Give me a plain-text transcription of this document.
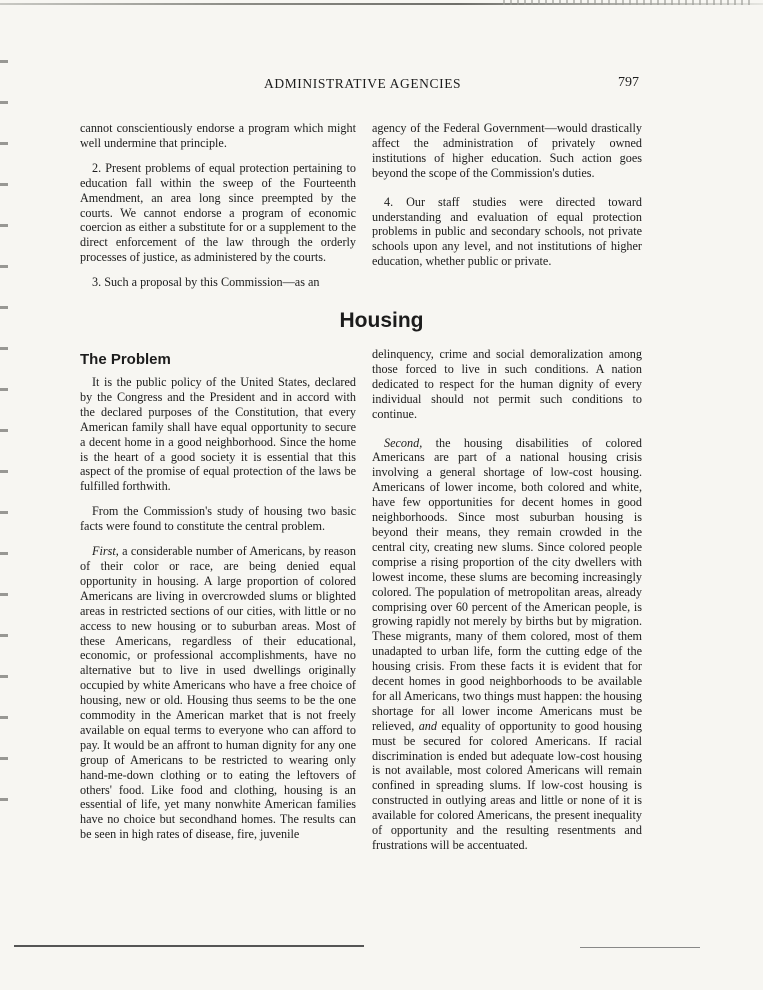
ADMINISTRATIVE AGENCIES	797

cannot conscientiously endorse a program which might well undermine that principle.

2. Present problems of equal protection pertaining to education fall within the sweep of the Fourteenth Amendment, an area long since preempted by the courts. We cannot endorse a program of economic coercion as either a substitute for or a supplement to the direct enforcement of the law through the orderly processes of justice, as administered by the courts.

3. Such a proposal by this Commission—as an

agency of the Federal Government—would drastically affect the administration of privately owned institutions of higher education. Such action goes beyond the scope of the Commission's duties.

4. Our staff studies were directed toward understanding and evaluation of equal protection problems in public and secondary schools, not private schools upon any level, and not institutions of higher education, whether public or private.

Housing
The Problem

It is the public policy of the United States, declared by the Congress and the President and in accord with the declared purposes of the Constitution, that every American family shall have equal opportunity to secure a decent home in a good neighborhood. Since the home is the heart of a good society it is essential that this aspect of the promise of equal protection of the laws be fulfilled forthwith.

From the Commission's study of housing two basic facts were found to constitute the central problem.

First, a considerable number of Americans, by reason of their color or race, are being denied equal opportunity in housing. A large proportion of colored Americans are living in overcrowded slums or blighted areas in restricted sections of our cities, with little or no access to new housing or to suburban areas. Most of these Americans, regardless of their educational, economic, or professional accomplishments, have no alternative but to live in used dwellings originally occupied by white Americans who have a free choice of housing, new or old. Housing thus seems to be the one commodity in the American market that is not freely available on equal terms to everyone who can afford to pay. It would be an affront to human dignity for any one group of Americans to be restricted to wearing only hand-me-down clothing or to eating the leftovers of others' food. Like food and clothing, housing is an essential of life, yet many nonwhite American families have no choice but secondhand homes. The results can be seen in high rates of disease, fire, juvenile

delinquency, crime and social demoralization among those forced to live in such conditions. A nation dedicated to respect for the human dignity of every individual should not permit such conditions to continue.

Second, the housing disabilities of colored Americans are part of a national housing crisis involving a general shortage of low-cost housing. Americans of lower income, both colored and white, have few opportunities for decent homes in good neighborhoods. Since most suburban housing is beyond their means, they remain crowded in the central city, creating new slums. Since colored people comprise a rising proportion of the city dwellers with lowest income, these slums are becoming increasingly colored. The population of metropolitan areas, already comprising over 60 percent of the American people, is growing rapidly not merely by births but by migration. These migrants, many of them colored, most of them unadapted to urban life, form the cutting edge of the housing crisis. From these facts it is evident that for decent homes in good neighborhoods to be available for all Americans, two things must happen: the housing shortage for all lower income Americans must be relieved, and equality of opportunity to good housing must be secured for colored Americans. If racial discrimination is ended but adequate low-cost housing is not available, most colored Americans will remain confined in spreading slums. If low-cost housing is constructed in outlying areas and little or none of it is available for colored Americans, the present inequality of opportunity and the resulting resentments and frustrations will be accentuated.
